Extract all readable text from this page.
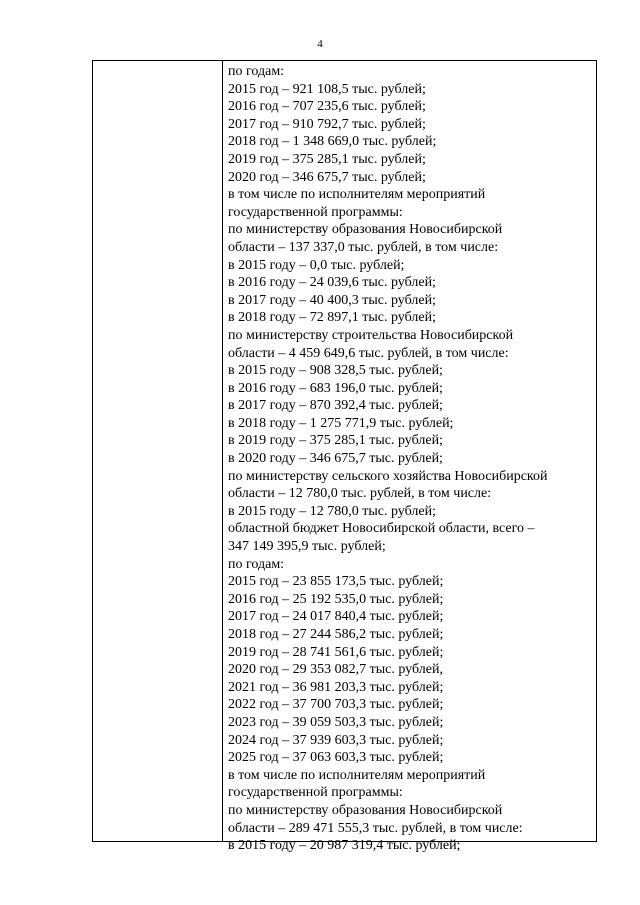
4
по годам:
2015 год – 921 108,5 тыс. рублей;
2016 год – 707 235,6 тыс. рублей;
2017 год – 910 792,7 тыс. рублей;
2018 год – 1 348 669,0 тыс. рублей;
2019 год – 375 285,1 тыс. рублей;
2020 год – 346 675,7 тыс. рублей;
в том числе по исполнителям мероприятий
государственной программы:
по министерству образования Новосибирской
области – 137 337,0 тыс. рублей, в том числе:
в 2015 году – 0,0 тыс. рублей;
в 2016 году – 24 039,6 тыс. рублей;
в 2017 году – 40 400,3 тыс. рублей;
в 2018 году – 72 897,1 тыс. рублей;
по министерству строительства Новосибирской
области – 4 459 649,6 тыс. рублей, в том числе:
в 2015 году – 908 328,5 тыс. рублей;
в 2016 году – 683 196,0 тыс. рублей;
в 2017 году – 870 392,4 тыс. рублей;
в 2018 году – 1 275 771,9 тыс. рублей;
в 2019 году – 375 285,1 тыс. рублей;
в 2020 году – 346 675,7 тыс. рублей;
по министерству сельского хозяйства Новосибирской
области – 12 780,0 тыс. рублей, в том числе:
в 2015 году – 12 780,0 тыс. рублей;
областной бюджет Новосибирской области, всего –
347 149 395,9 тыс. рублей;
по годам:
2015 год – 23 855 173,5 тыс. рублей;
2016 год – 25 192 535,0 тыс. рублей;
2017 год – 24 017 840,4 тыс. рублей;
2018 год – 27 244 586,2 тыс. рублей;
2019 год – 28 741 561,6 тыс. рублей;
2020 год – 29 353 082,7 тыс. рублей,
2021 год – 36 981 203,3 тыс. рублей;
2022 год – 37 700 703,3 тыс. рублей;
2023 год – 39 059 503,3 тыс. рублей;
2024 год – 37 939 603,3 тыс. рублей;
2025 год – 37 063 603,3 тыс. рублей;
в том числе по исполнителям мероприятий
государственной программы:
по министерству образования Новосибирской
области – 289 471 555,3 тыс. рублей, в том числе:
в 2015 году – 20 987 319,4 тыс. рублей;
